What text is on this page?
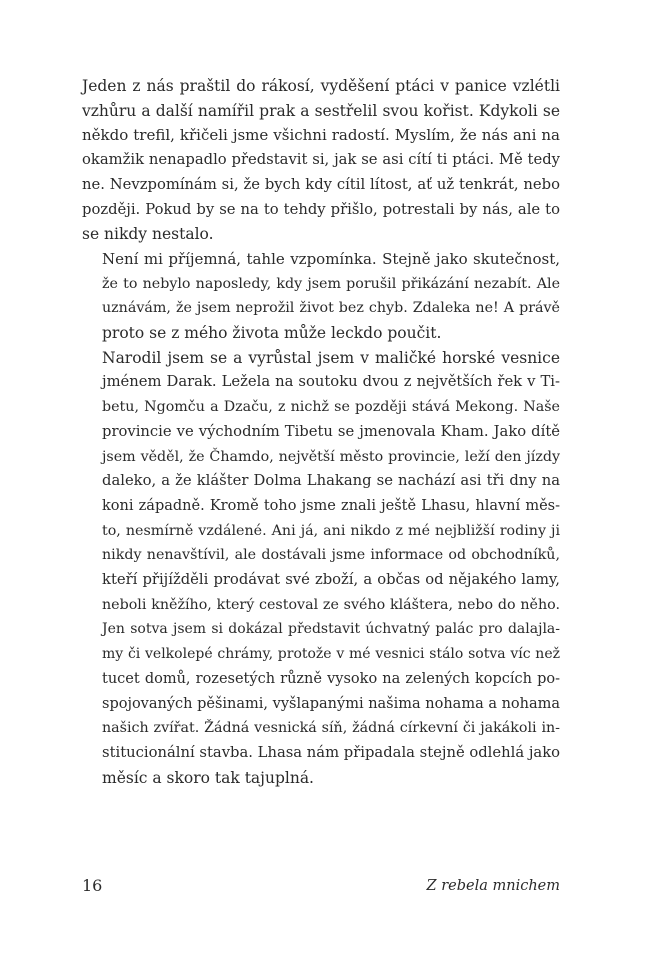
Jeden z nás praštil do rákosí, vyděšení ptáci v panice vzlétli
vzhůru a další namířil prak a sestřelil svou kořist. Kdykoli se
někdo trefil, křičeli jsme všichni radostí. Myslím, že nás ani na
okamžik nenapadlo představit si, jak se asi cítí ti ptáci. Mě tedy
ne. Nevzpomínám si, že bych kdy cítil lítost, ať už tenkrát, nebo
později. Pokud by se na to tehdy přišlo, potrestali by nás, ale to
se nikdy nestalo.

Není mi příjemná, tahle vzpomínka. Stejně jako skutečnost,
že to nebylo naposledy, kdy jsem porušil přikázání nezabít. Ale
uznávám, že jsem neprožil život bez chyb. Zdaleka ne! A právě
proto se z mého života může leckdo poučit.

Narodil jsem se a vyrůstal jsem v maličké horské vesnice
jménem Darak. Ležela na soutoku dvou z největších řek v Ti-
betu, Ngomču a Dzaču, z nichž se později stává Mekong. Naše
provincie ve východním Tibetu se jmenovala Kham. Jako dítě
jsem věděl, že Čhamdo, největší město provincie, leží den jízdy
daleko, a že klášter Dolma Lhakang se nachází asi tři dny na
koni západně. Kromě toho jsme znali ještě Lhasu, hlavní měs-
to, nesmírně vzdálené. Ani já, ani nikdo z mé nejbližší rodiny ji
nikdy nenavštívil, ale dostávali jsme informace od obchodníků,
kteří přijížděli prodávat své zboží, a občas od nějakého lamy,
neboli kněžího, který cestoval ze svého kláštera, nebo do něho.
Jen sotva jsem si dokázal představit úchvatný palác pro dalajla-
my či velkolepé chrámy, protože v mé vesnici stálo sotva víc než
tucet domů, rozesetých různě vysoko na zelených kopcích po-
spojovaných pěšinami, vyšlapanými našima nohama a nohama
našich zvířat. Žádná vesnická síň, žádná církevní či jakákoli in-
stitucionální stavba. Lhasa nám připadala stejně odlehlá jako
měsíc a skoro tak tajuplná.

16	Z rebela mnichem
